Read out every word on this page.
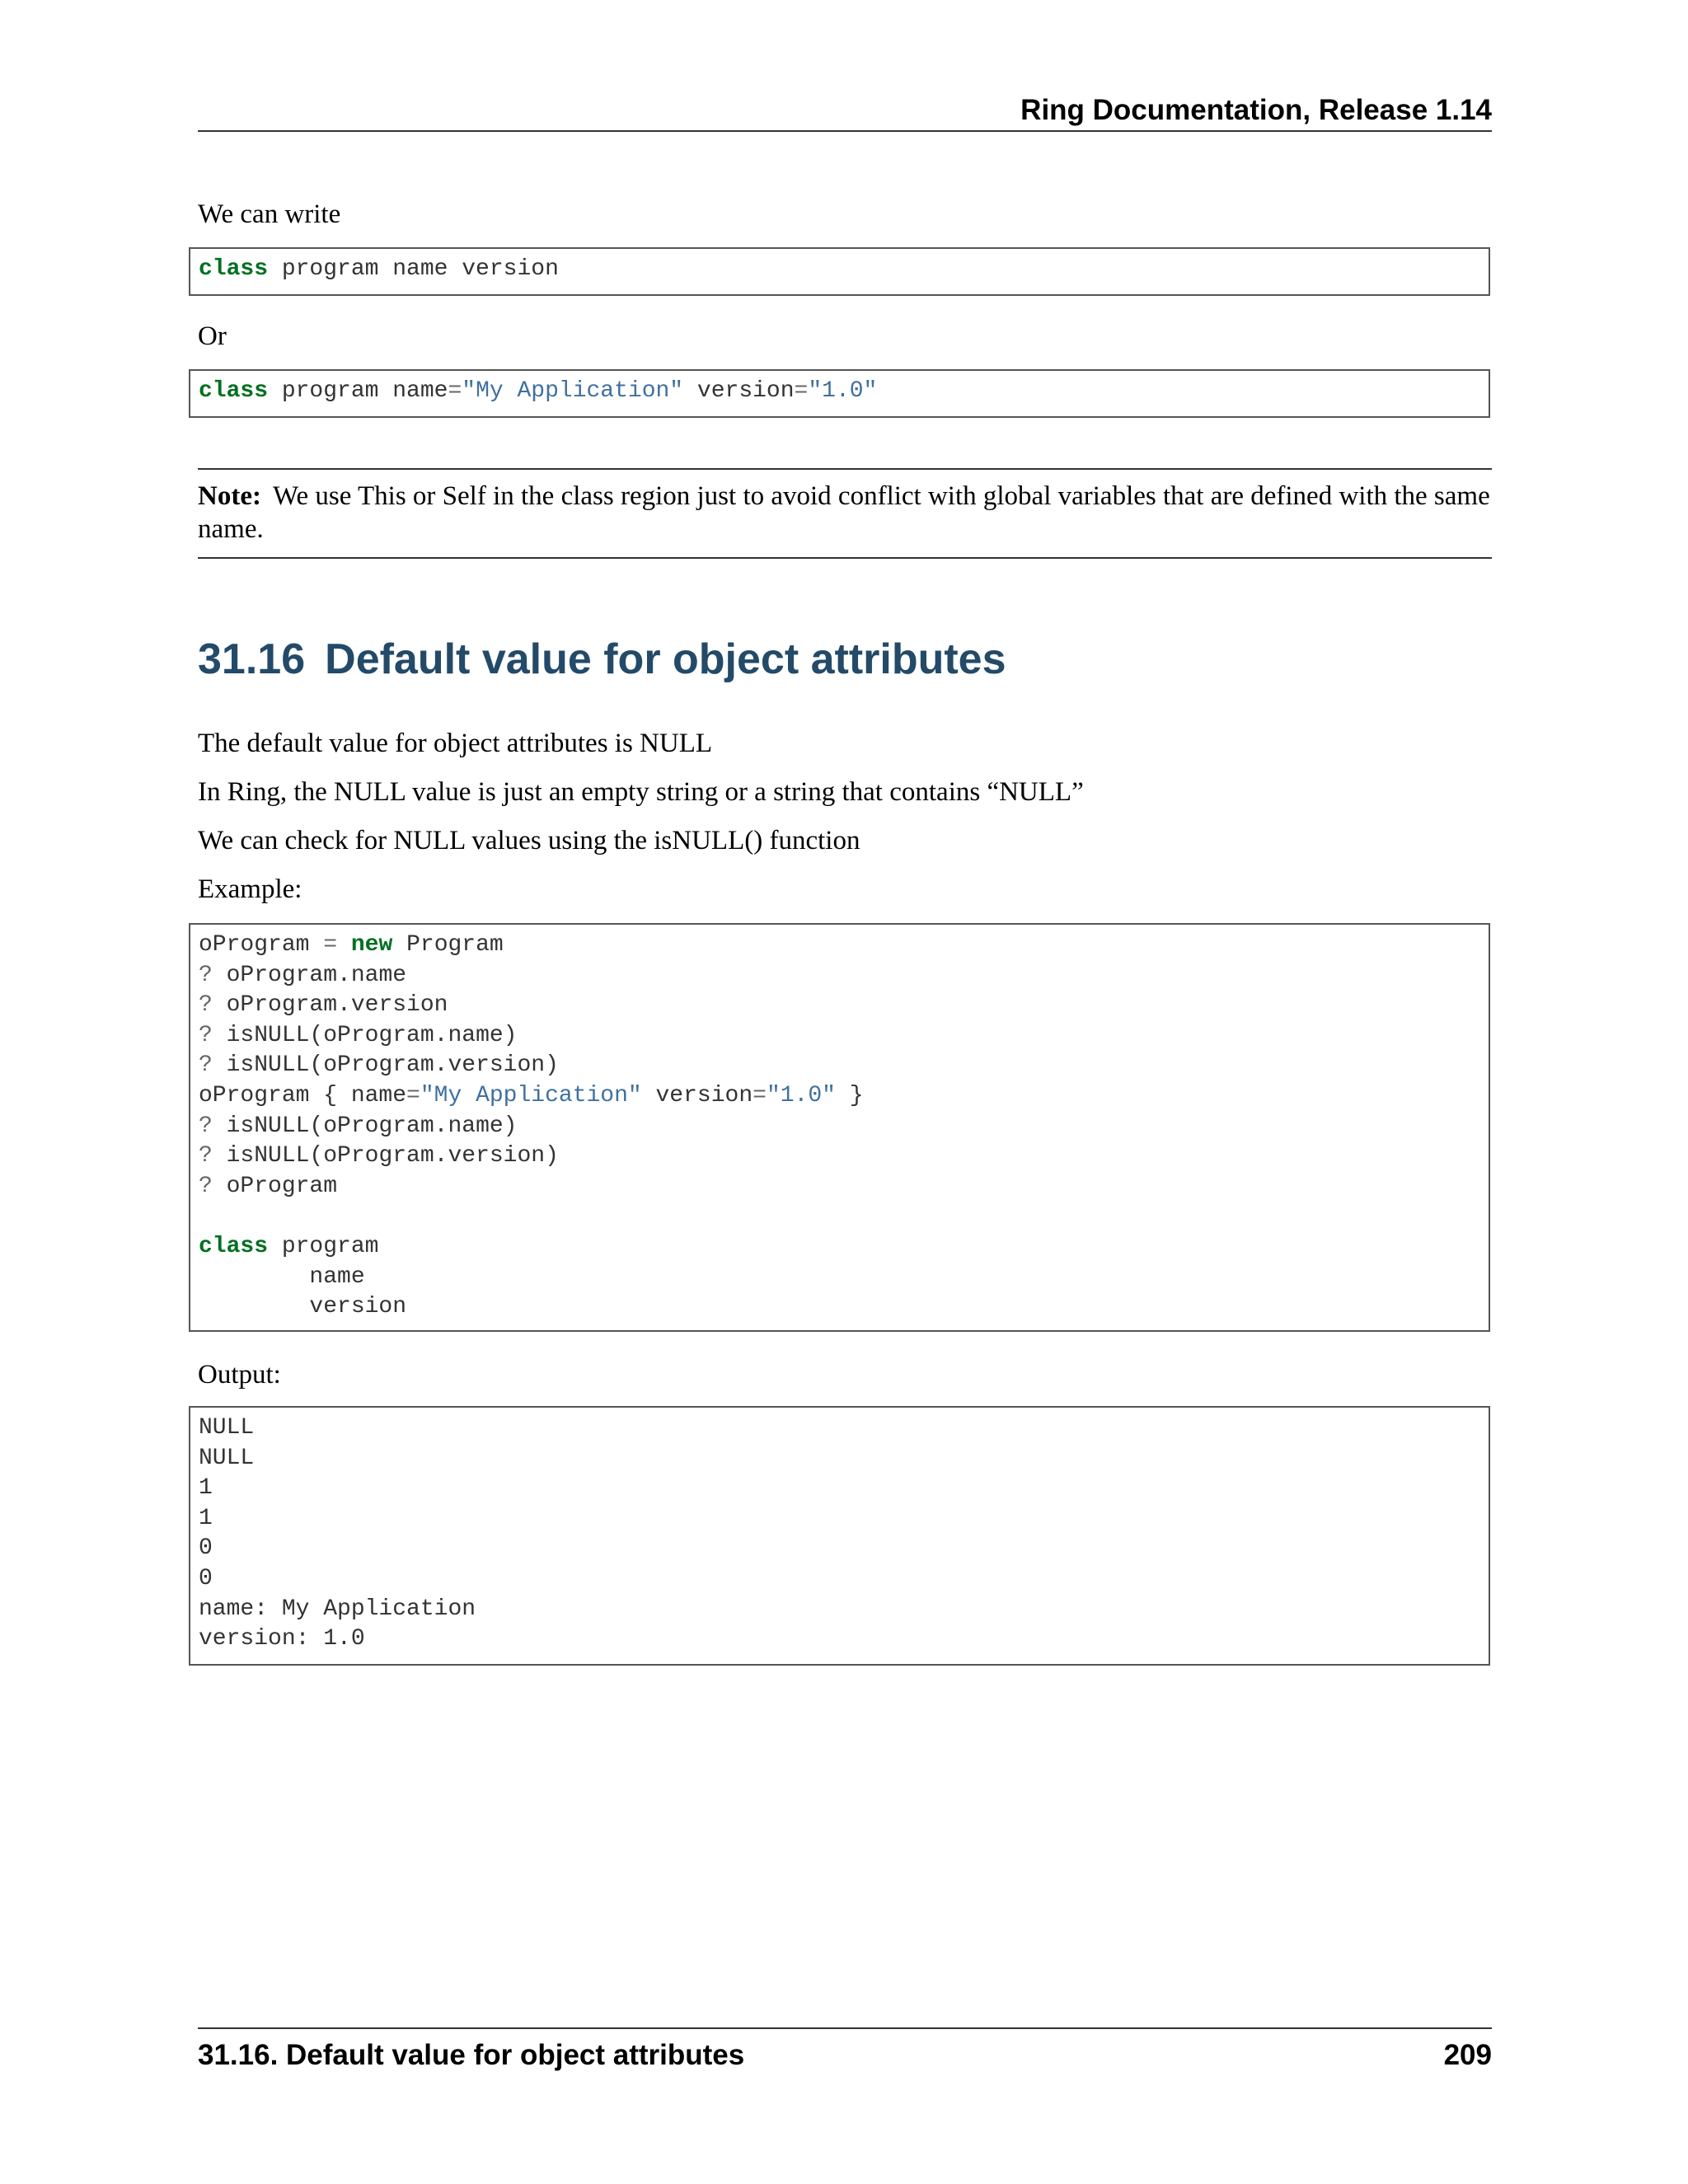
Ring Documentation, Release 1.14

We can write

class program name version

Or

class program name="My Application" version="1.0"
Note: We use This or Self in the class region just to avoid conflict with global variables that are defined with the same name.
31.16 Default value for object attributes

The default value for object attributes is NULL

In Ring, the NULL value is just an empty string or a string that contains “NULL”

We can check for NULL values using the isNULL() function

Example:

oProgram = new Program
? oProgram.name
? oProgram.version
? isNULL(oProgram.name)
? isNULL(oProgram.version)
oProgram { name="My Application" version="1.0" }
? isNULL(oProgram.name)
? isNULL(oProgram.version)
? oProgram
class program
name
version

Output:

NULL
NULL
1
1
0
0
name: My Application
version: 1.0
31.16. Default value for object attributes	209
